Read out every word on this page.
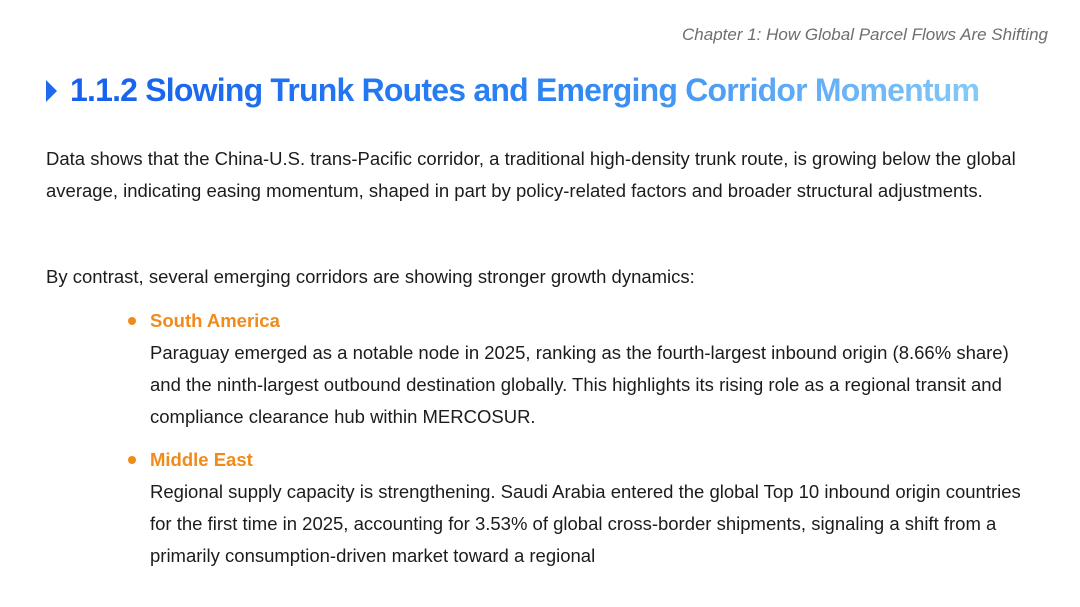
Chapter 1: How Global Parcel Flows Are Shifting
1.1.2 Slowing Trunk Routes and Emerging Corridor Momentum

Data shows that the China-U.S. trans-Pacific corridor, a traditional high-density trunk route, is growing below the global average, indicating easing momentum, shaped in part by policy-related factors and broader structural adjustments.

By contrast, several emerging corridors are showing stronger growth dynamics:

South America

Paraguay emerged as a notable node in 2025, ranking as the fourth-largest inbound origin (8.66% share) and the ninth-largest outbound destination globally. This highlights its rising role as a regional transit and compliance clearance hub within MERCOSUR.

Middle East

Regional supply capacity is strengthening. Saudi Arabia entered the global Top 10 inbound origin countries for the first time in 2025, accounting for 3.53% of global cross-border shipments, signaling a shift from a primarily consumption-driven market toward a regional
